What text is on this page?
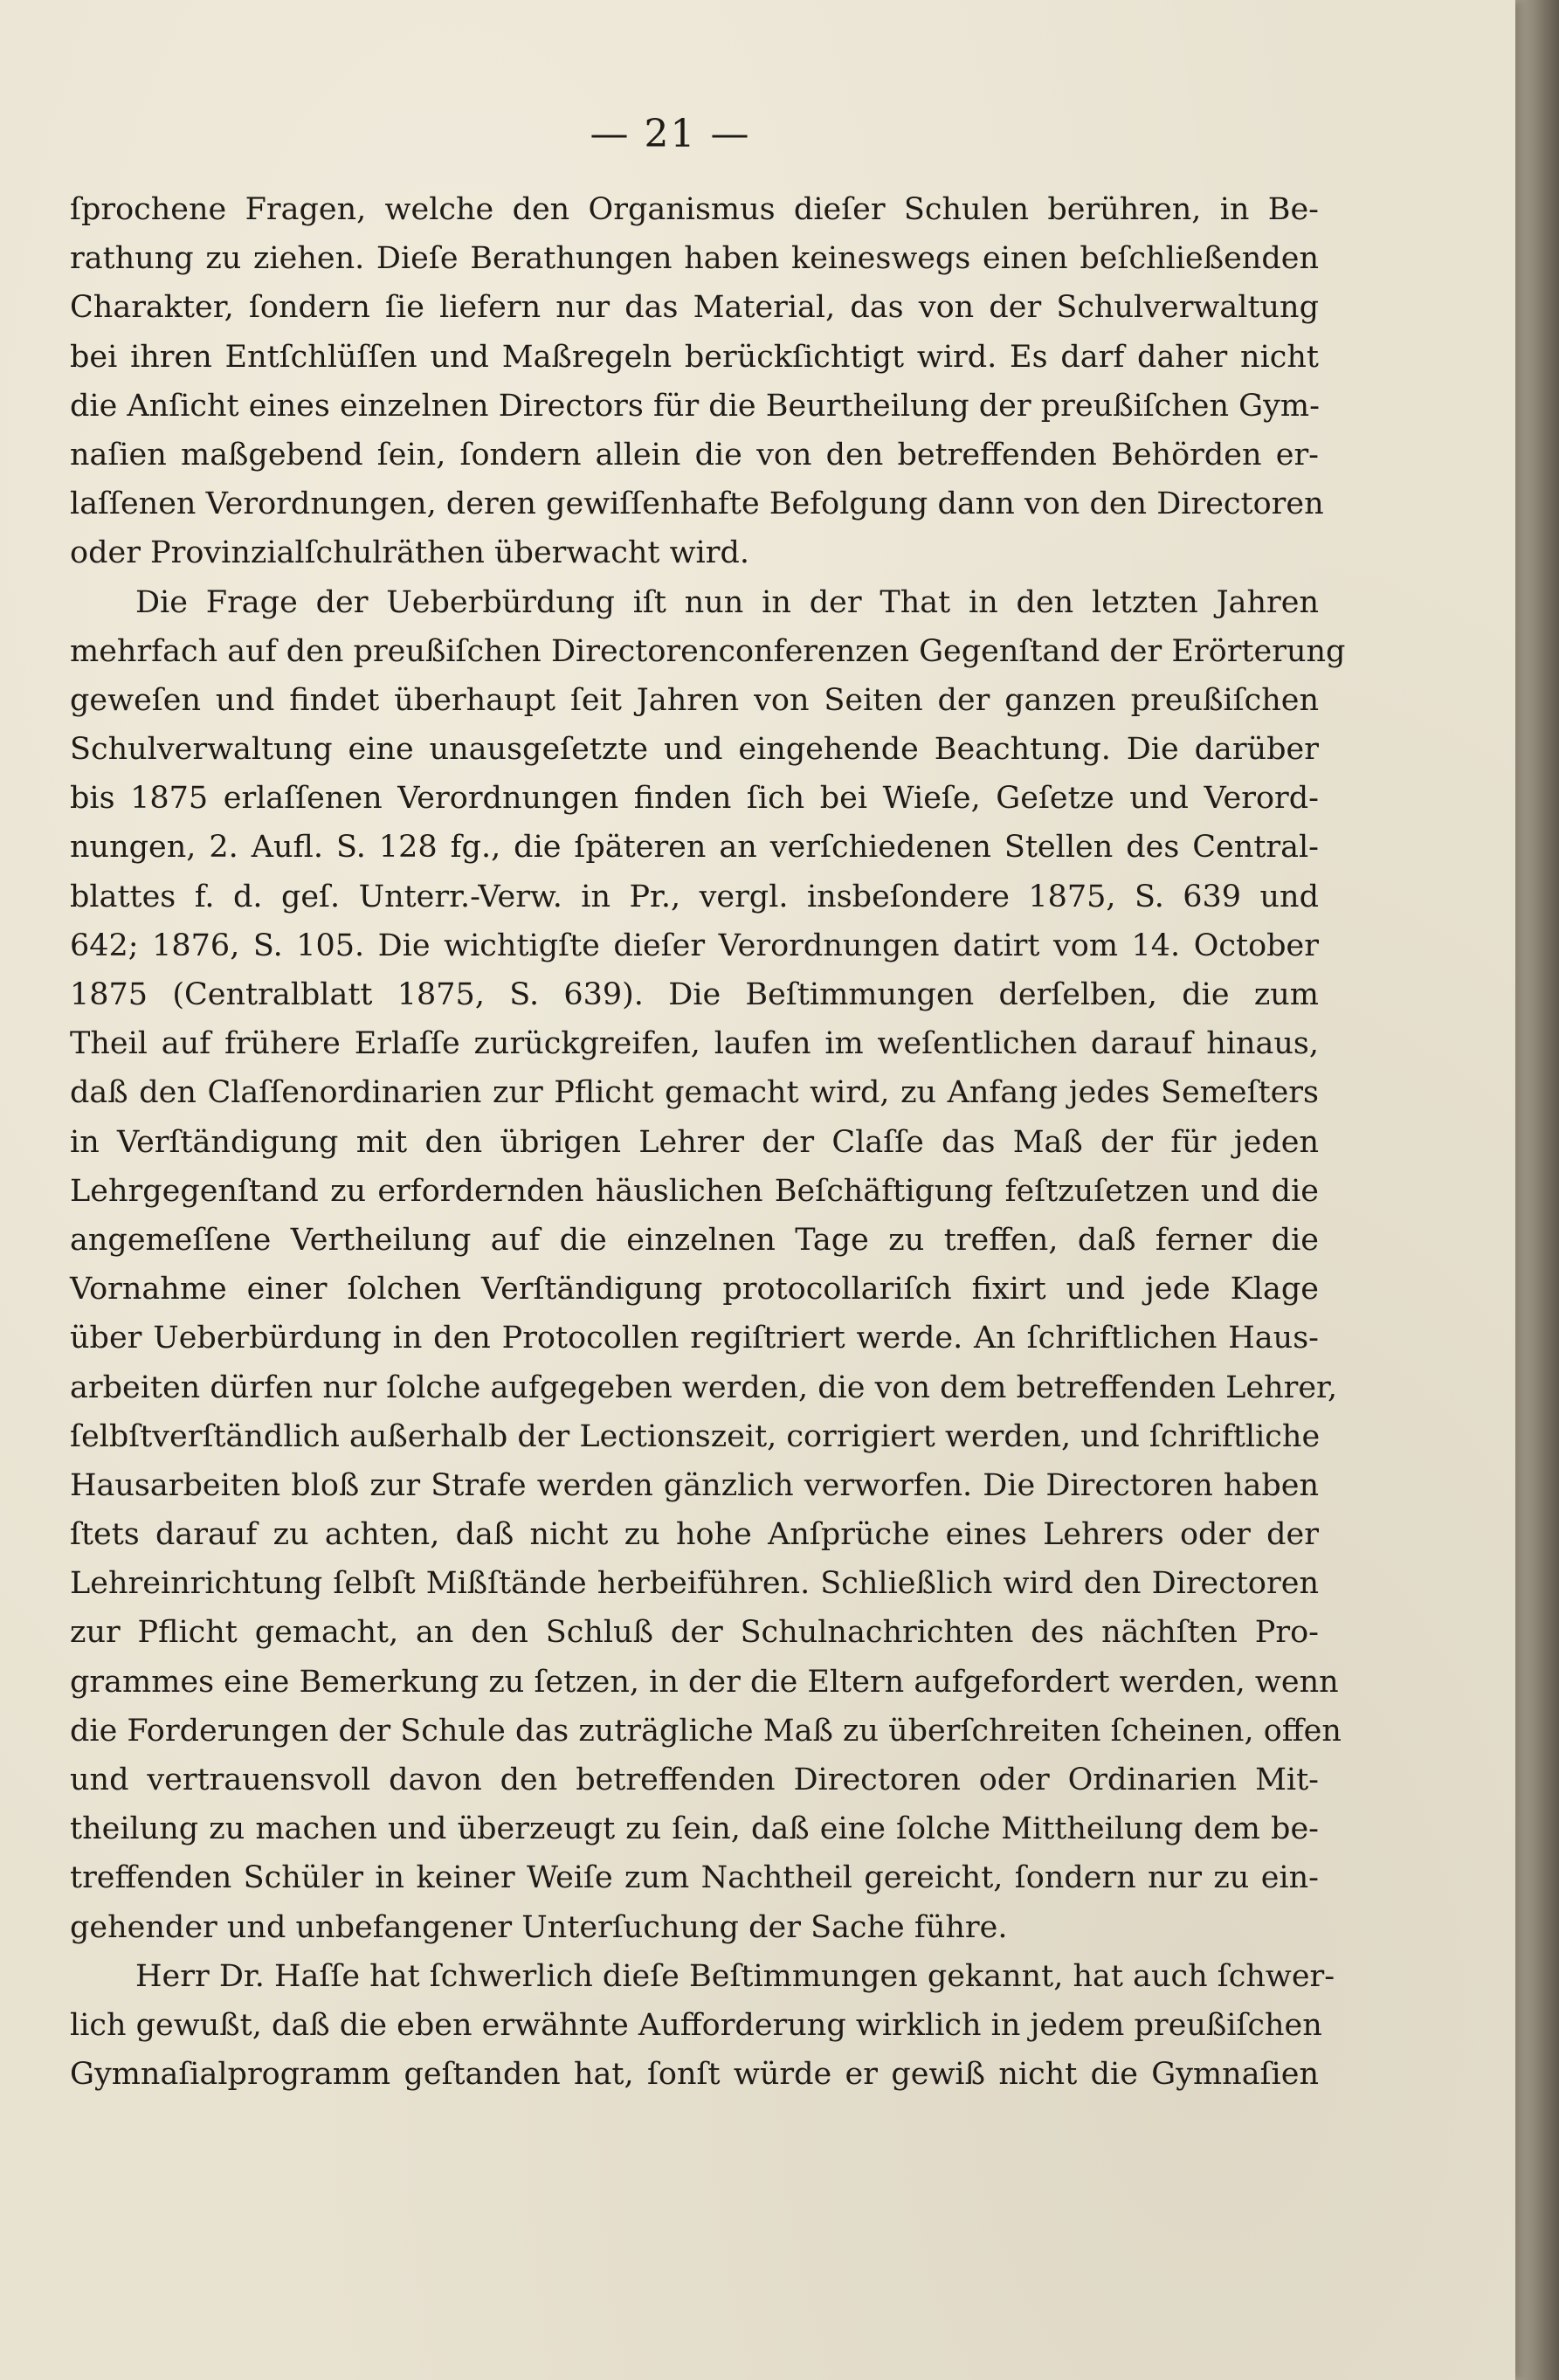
— 21 —
ſprochene Fragen, welche den Organismus dieſer Schulen berühren, in Be-
rathung zu ziehen. Dieſe Berathungen haben keineswegs einen beſchließenden
Charakter, ſondern ſie liefern nur das Material, das von der Schulverwaltung
bei ihren Entſchlüſſen und Maßregeln berückſichtigt wird. Es darf daher nicht
die Anſicht eines einzelnen Directors für die Beurtheilung der preußiſchen Gym-
naſien maßgebend ſein, ſondern allein die von den betreffenden Behörden er-
laſſenen Verordnungen, deren gewiſſenhafte Befolgung dann von den Directoren
oder Provinzialſchulräthen überwacht wird.
Die Frage der Ueberbürdung iſt nun in der That in den letzten Jahren
mehrfach auf den preußiſchen Directorenconferenzen Gegenſtand der Erörterung
geweſen und findet überhaupt ſeit Jahren von Seiten der ganzen preußiſchen
Schulverwaltung eine unausgeſetzte und eingehende Beachtung. Die darüber
bis 1875 erlaſſenen Verordnungen finden ſich bei Wieſe, Geſetze und Verord-
nungen, 2. Aufl. S. 128 fg., die ſpäteren an verſchiedenen Stellen des Central-
blattes f. d. geſ. Unterr.-Verw. in Pr., vergl. insbeſondere 1875, S. 639 und
642; 1876, S. 105. Die wichtigſte dieſer Verordnungen datirt vom 14. October
1875 (Centralblatt 1875, S. 639). Die Beſtimmungen derſelben, die zum
Theil auf frühere Erlaſſe zurückgreifen, laufen im weſentlichen darauf hinaus,
daß den Claſſenordinarien zur Pflicht gemacht wird, zu Anfang jedes Semeſters
in Verſtändigung mit den übrigen Lehrer der Claſſe das Maß der für jeden
Lehrgegenſtand zu erfordernden häuslichen Beſchäftigung feſtzuſetzen und die
angemeſſene Vertheilung auf die einzelnen Tage zu treffen, daß ferner die
Vornahme einer ſolchen Verſtändigung protocollariſch fixirt und jede Klage
über Ueberbürdung in den Protocollen regiſtriert werde. An ſchriftlichen Haus-
arbeiten dürfen nur ſolche aufgegeben werden, die von dem betreffenden Lehrer,
ſelbſtverſtändlich außerhalb der Lectionszeit, corrigiert werden, und ſchriftliche
Hausarbeiten bloß zur Strafe werden gänzlich verworfen. Die Directoren haben
ſtets darauf zu achten, daß nicht zu hohe Anſprüche eines Lehrers oder der
Lehreinrichtung ſelbſt Mißſtände herbeiführen. Schließlich wird den Directoren
zur Pflicht gemacht, an den Schluß der Schulnachrichten des nächſten Pro-
grammes eine Bemerkung zu ſetzen, in der die Eltern aufgefordert werden, wenn
die Forderungen der Schule das zuträgliche Maß zu überſchreiten ſcheinen, offen
und vertrauensvoll davon den betreffenden Directoren oder Ordinarien Mit-
theilung zu machen und überzeugt zu ſein, daß eine ſolche Mittheilung dem be-
treffenden Schüler in keiner Weiſe zum Nachtheil gereicht, ſondern nur zu ein-
gehender und unbefangener Unterſuchung der Sache führe.
Herr Dr. Haſſe hat ſchwerlich dieſe Beſtimmungen gekannt, hat auch ſchwer-
lich gewußt, daß die eben erwähnte Aufforderung wirklich in jedem preußiſchen
Gymnaſialprogramm geſtanden hat, ſonſt würde er gewiß nicht die Gymnaſien
